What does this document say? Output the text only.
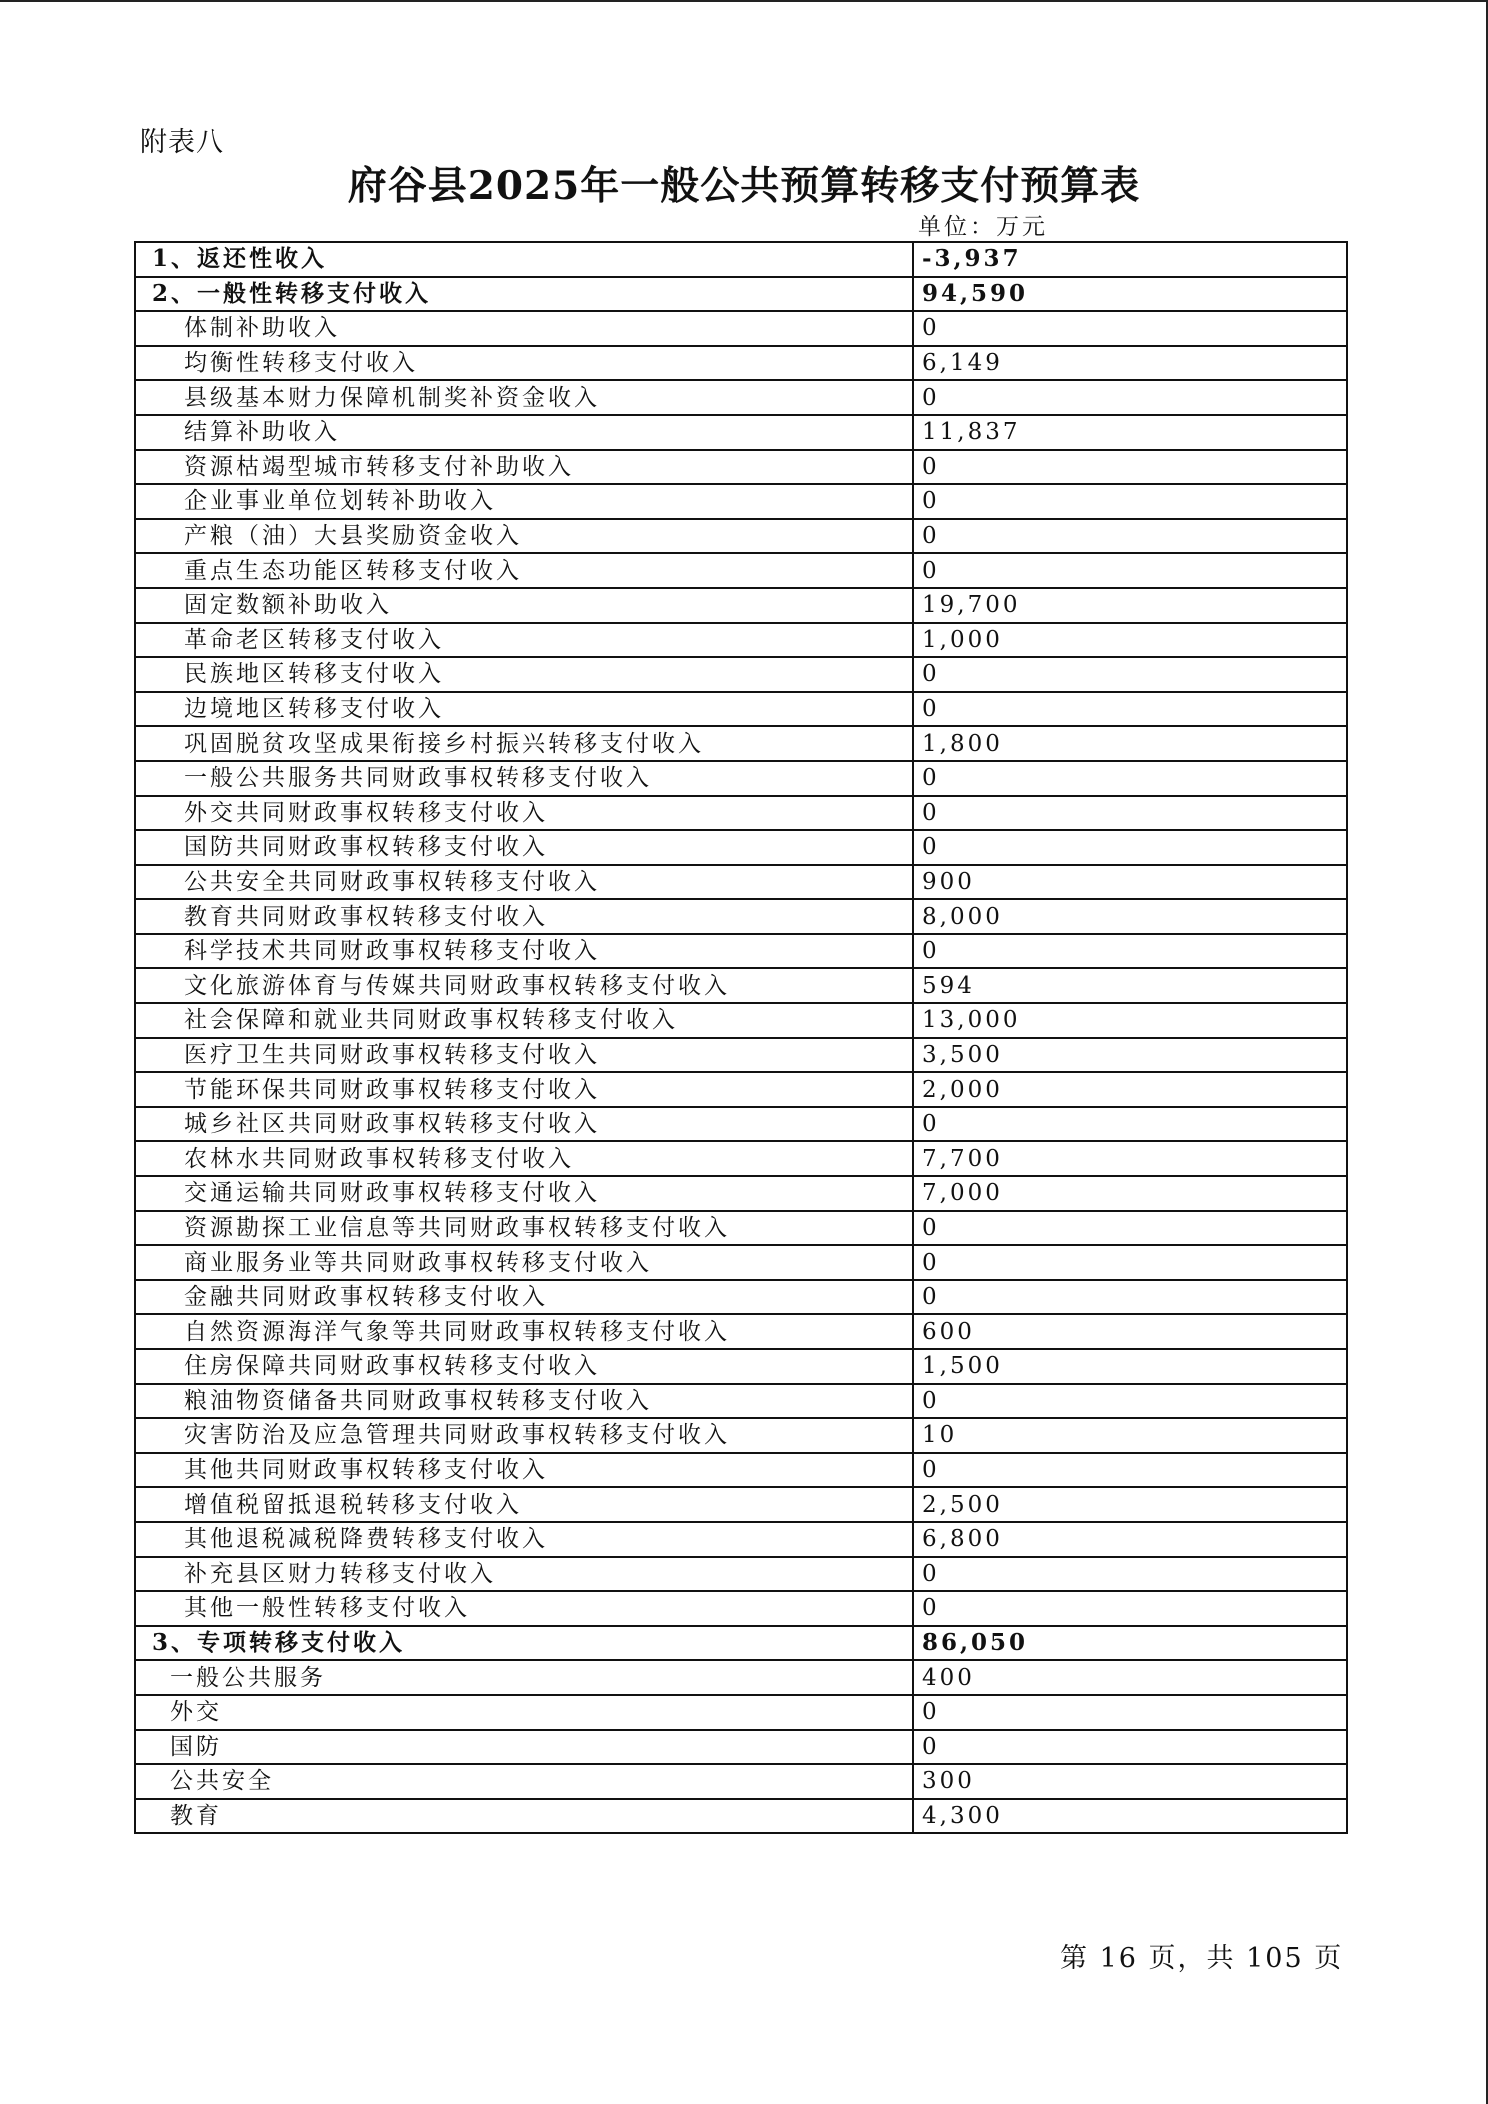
附表八
府谷县2025年一般公共预算转移支付预算表
单位：万元
1、返还性收入	-3,937
2、一般性转移支付收入	94,590
体制补助收入	0
均衡性转移支付收入	6,149
县级基本财力保障机制奖补资金收入	0
结算补助收入	11,837
资源枯竭型城市转移支付补助收入	0
企业事业单位划转补助收入	0
产粮（油）大县奖励资金收入	0
重点生态功能区转移支付收入	0
固定数额补助收入	19,700
革命老区转移支付收入	1,000
民族地区转移支付收入	0
边境地区转移支付收入	0
巩固脱贫攻坚成果衔接乡村振兴转移支付收入	1,800
一般公共服务共同财政事权转移支付收入	0
外交共同财政事权转移支付收入	0
国防共同财政事权转移支付收入	0
公共安全共同财政事权转移支付收入	900
教育共同财政事权转移支付收入	8,000
科学技术共同财政事权转移支付收入	0
文化旅游体育与传媒共同财政事权转移支付收入	594
社会保障和就业共同财政事权转移支付收入	13,000
医疗卫生共同财政事权转移支付收入	3,500
节能环保共同财政事权转移支付收入	2,000
城乡社区共同财政事权转移支付收入	0
农林水共同财政事权转移支付收入	7,700
交通运输共同财政事权转移支付收入	7,000
资源勘探工业信息等共同财政事权转移支付收入	0
商业服务业等共同财政事权转移支付收入	0
金融共同财政事权转移支付收入	0
自然资源海洋气象等共同财政事权转移支付收入	600
住房保障共同财政事权转移支付收入	1,500
粮油物资储备共同财政事权转移支付收入	0
灾害防治及应急管理共同财政事权转移支付收入	10
其他共同财政事权转移支付收入	0
增值税留抵退税转移支付收入	2,500
其他退税减税降费转移支付收入	6,800
补充县区财力转移支付收入	0
其他一般性转移支付收入	0
3、专项转移支付收入	86,050
一般公共服务	400
外交	0
国防	0
公共安全	300
教育	4,300
第 16 页，共 105 页
